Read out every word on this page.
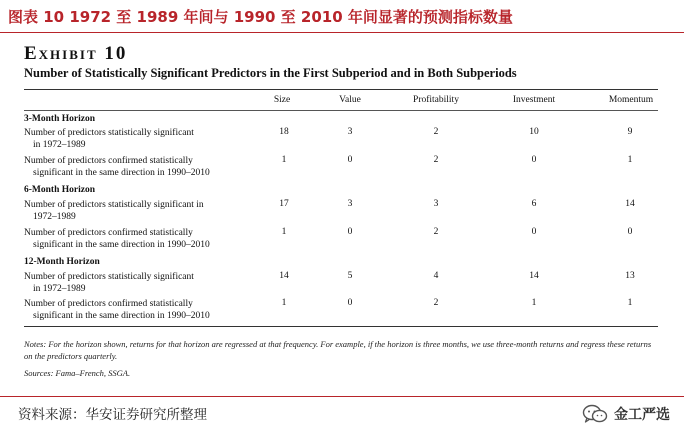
图表 10 1972 至 1989 年间与 1990 至 2010 年间显著的预测指标数量
Exhibit 10
Number of Statistically Significant Predictors in the First Subperiod and in Both Subperiods
Size	Value	Profitability	Investment	Momentum
3-Month Horizon
Number of predictors statistically significant
in 1972–1989
18	3	2	10	9
Number of predictors confirmed statistically
significant in the same direction in 1990–2010
1	0	2	0	1
6-Month Horizon
Number of predictors statistically significant in
1972–1989
17	3	3	6	14
Number of predictors confirmed statistically
significant in the same direction in 1990–2010
1	0	2	0	0
12-Month Horizon
Number of predictors statistically significant
in 1972–1989
14	5	4	14	13
Number of predictors confirmed statistically
significant in the same direction in 1990–2010
1	0	2	1	1
Notes: For the horizon shown, returns for that horizon are regressed at that frequency. For example, if the horizon is three months, we use three-month returns and regress these returns on the predictors quarterly.
Sources: Fama–French, SSGA.
资料来源：华安证券研究所整理	金工严选
